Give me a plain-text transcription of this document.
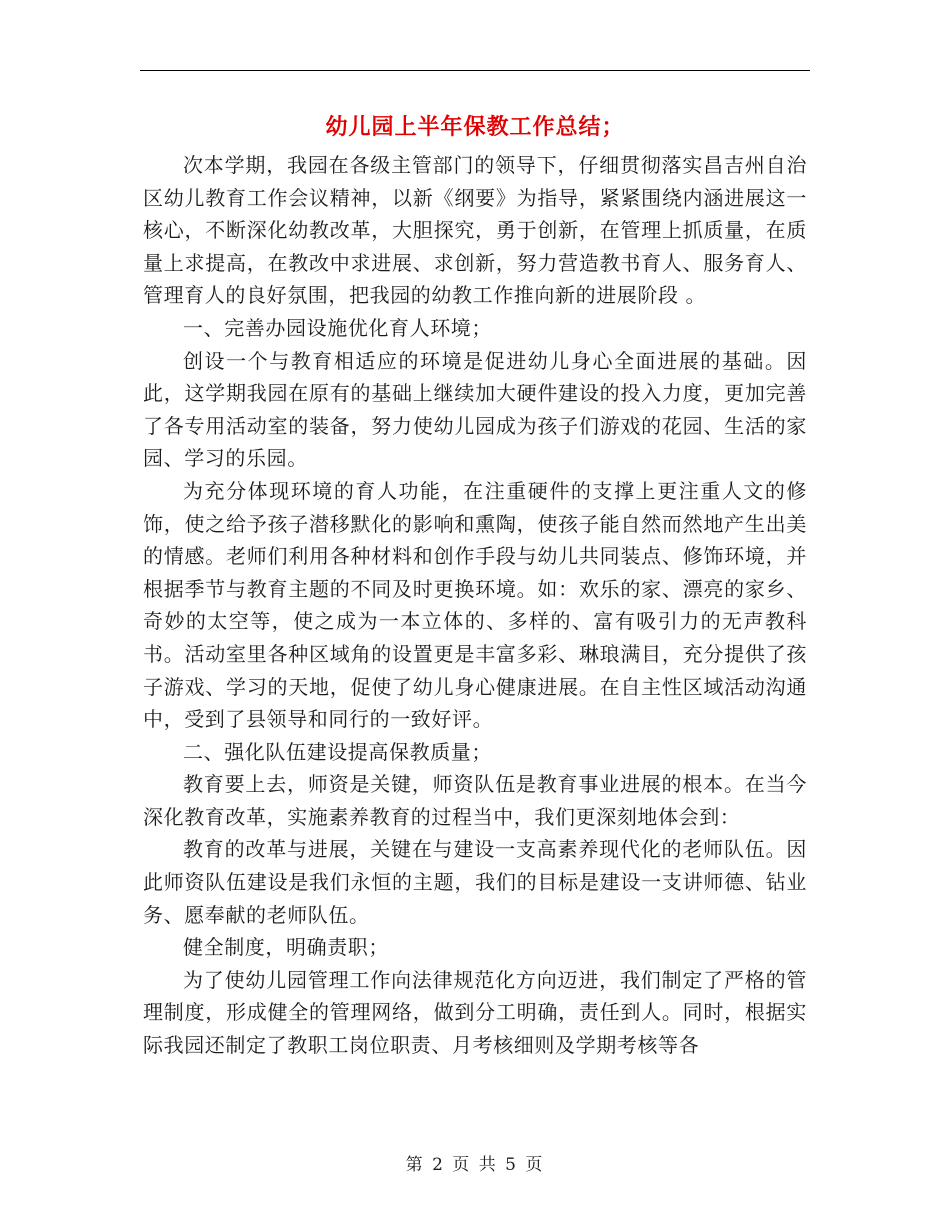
幼儿园上半年保教工作总结；

次本学期，我园在各级主管部门的领导下，仔细贯彻落实昌吉州自治区幼儿教育工作会议精神，以新《纲要》为指导，紧紧围绕内涵进展这一核心，不断深化幼教改革，大胆探究，勇于创新，在管理上抓质量，在质量上求提高，在教改中求进展、求创新，努力营造教书育人、服务育人、管理育人的良好氛围，把我园的幼教工作推向新的进展阶段 。

一、完善办园设施优化育人环境；

创设一个与教育相适应的环境是促进幼儿身心全面进展的基础。因此，这学期我园在原有的基础上继续加大硬件建设的投入力度，更加完善了各专用活动室的装备，努力使幼儿园成为孩子们游戏的花园、生活的家园、学习的乐园。

为充分体现环境的育人功能，在注重硬件的支撑上更注重人文的修饰，使之给予孩子潜移默化的影响和熏陶，使孩子能自然而然地产生出美的情感。老师们利用各种材料和创作手段与幼儿共同装点、修饰环境，并根据季节与教育主题的不同及时更换环境。如：欢乐的家、漂亮的家乡、奇妙的太空等，使之成为一本立体的、多样的、富有吸引力的无声教科书。活动室里各种区域角的设置更是丰富多彩、琳琅满目，充分提供了孩子游戏、学习的天地，促使了幼儿身心健康进展。在自主性区域活动沟通中，受到了县领导和同行的一致好评。

二、强化队伍建设提高保教质量；

教育要上去，师资是关键，师资队伍是教育事业进展的根本。在当今深化教育改革，实施素养教育的过程当中，我们更深刻地体会到：

教育的改革与进展，关键在与建设一支高素养现代化的老师队伍。因此师资队伍建设是我们永恒的主题，我们的目标是建设一支讲师德、钻业务、愿奉献的老师队伍。

健全制度，明确责职；

为了使幼儿园管理工作向法律规范化方向迈进，我们制定了严格的管理制度，形成健全的管理网络，做到分工明确，责任到人。同时，根据实际我园还制定了教职工岗位职责、月考核细则及学期考核等各

第 2 页 共 5 页
